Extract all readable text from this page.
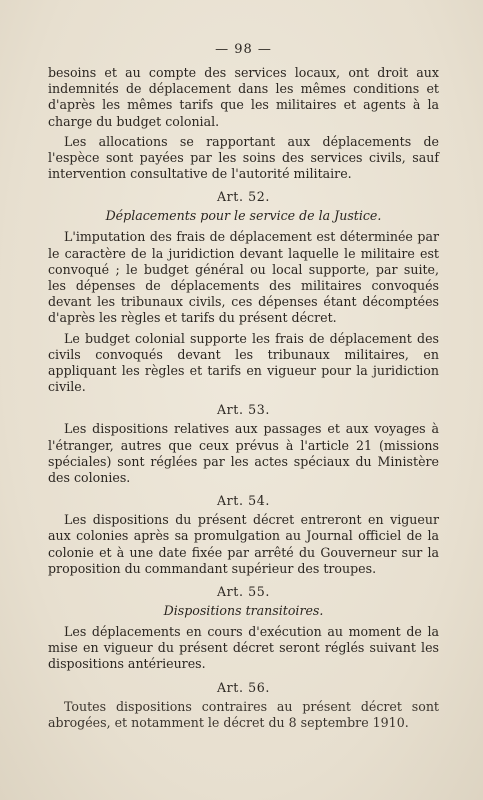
— 98 —

besoins et au compte des services locaux, ont droit aux indemnités de déplacement dans les mêmes conditions et d'après les mêmes tarifs que les militaires et agents à la charge du budget colonial.

Les allocations se rapportant aux déplacements de l'espèce sont payées par les soins des services civils, sauf intervention consultative de l'autorité militaire.

Art. 52.
Déplacements pour le service de la Justice.

L'imputation des frais de déplacement est déterminée par le caractère de la juridiction devant laquelle le militaire est convoqué ; le budget général ou local supporte, par suite, les dépenses de déplacements des militaires convoqués devant les tribunaux civils, ces dépenses étant décomptées d'après les règles et tarifs du présent décret.

Le budget colonial supporte les frais de déplacement des civils convoqués devant les tribunaux militaires, en appliquant les règles et tarifs en vigueur pour la juridiction civile.

Art. 53.

Les dispositions relatives aux passages et aux voyages à l'étranger, autres que ceux prévus à l'article 21 (missions spéciales) sont réglées par les actes spéciaux du Ministère des colonies.

Art. 54.

Les dispositions du présent décret entreront en vigueur aux colonies après sa promulgation au Journal officiel de la colonie et à une date fixée par arrêté du Gouverneur sur la proposition du commandant supérieur des troupes.

Art. 55.
Dispositions transitoires.

Les déplacements en cours d'exécution au moment de la mise en vigueur du présent décret seront réglés suivant les dispositions antérieures.

Art. 56.

Toutes dispositions contraires au présent décret sont abrogées, et notamment le décret du 8 septembre 1910.
